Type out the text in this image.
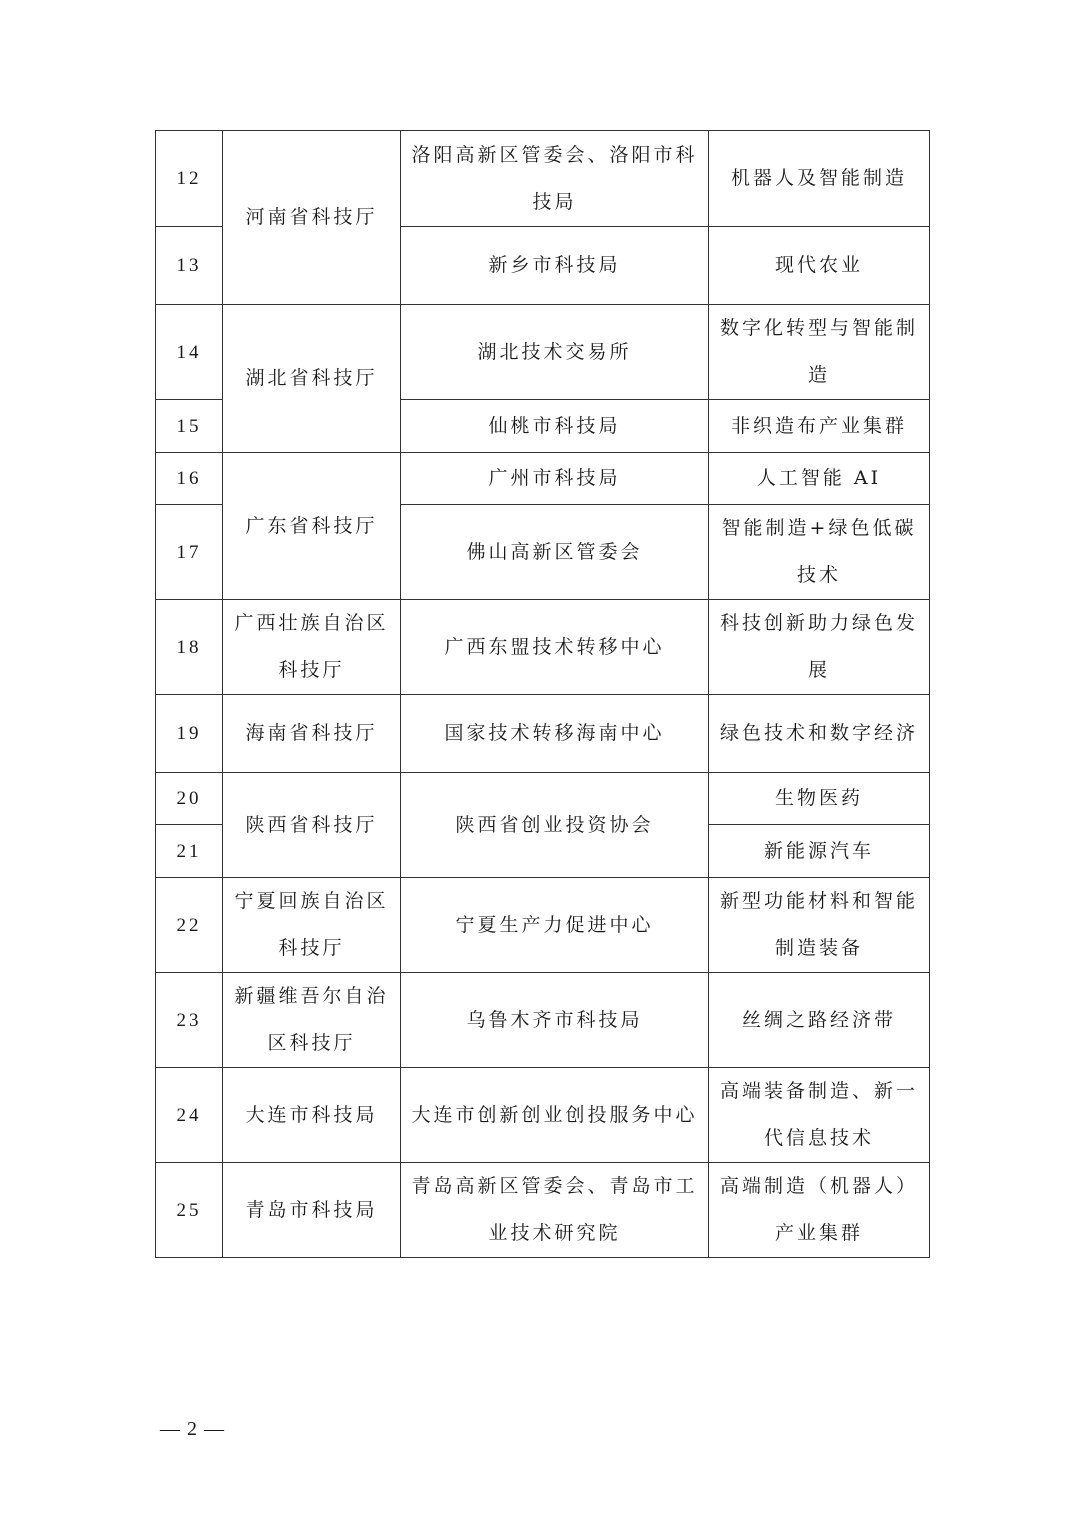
12	河南省科技厅	洛阳高新区管委会、洛阳市科技局	机器人及智能制造
13		新乡市科技局	现代农业
14	湖北省科技厅	湖北技术交易所	数字化转型与智能制造
15		仙桃市科技局	非织造布产业集群
16	广东省科技厅	广州市科技局	人工智能 AI
17		佛山高新区管委会	智能制造+绿色低碳技术
18	广西壮族自治区科技厅	广西东盟技术转移中心	科技创新助力绿色发展
19	海南省科技厅	国家技术转移海南中心	绿色技术和数字经济
20	陕西省科技厅	陕西省创业投资协会	生物医药
21			新能源汽车
22	宁夏回族自治区科技厅	宁夏生产力促进中心	新型功能材料和智能制造装备
23	新疆维吾尔自治区科技厅	乌鲁木齐市科技局	丝绸之路经济带
24	大连市科技局	大连市创新创业创投服务中心	高端装备制造、新一代信息技术
25	青岛市科技局	青岛高新区管委会、青岛市工业技术研究院	高端制造（机器人）产业集群
— 2 —
